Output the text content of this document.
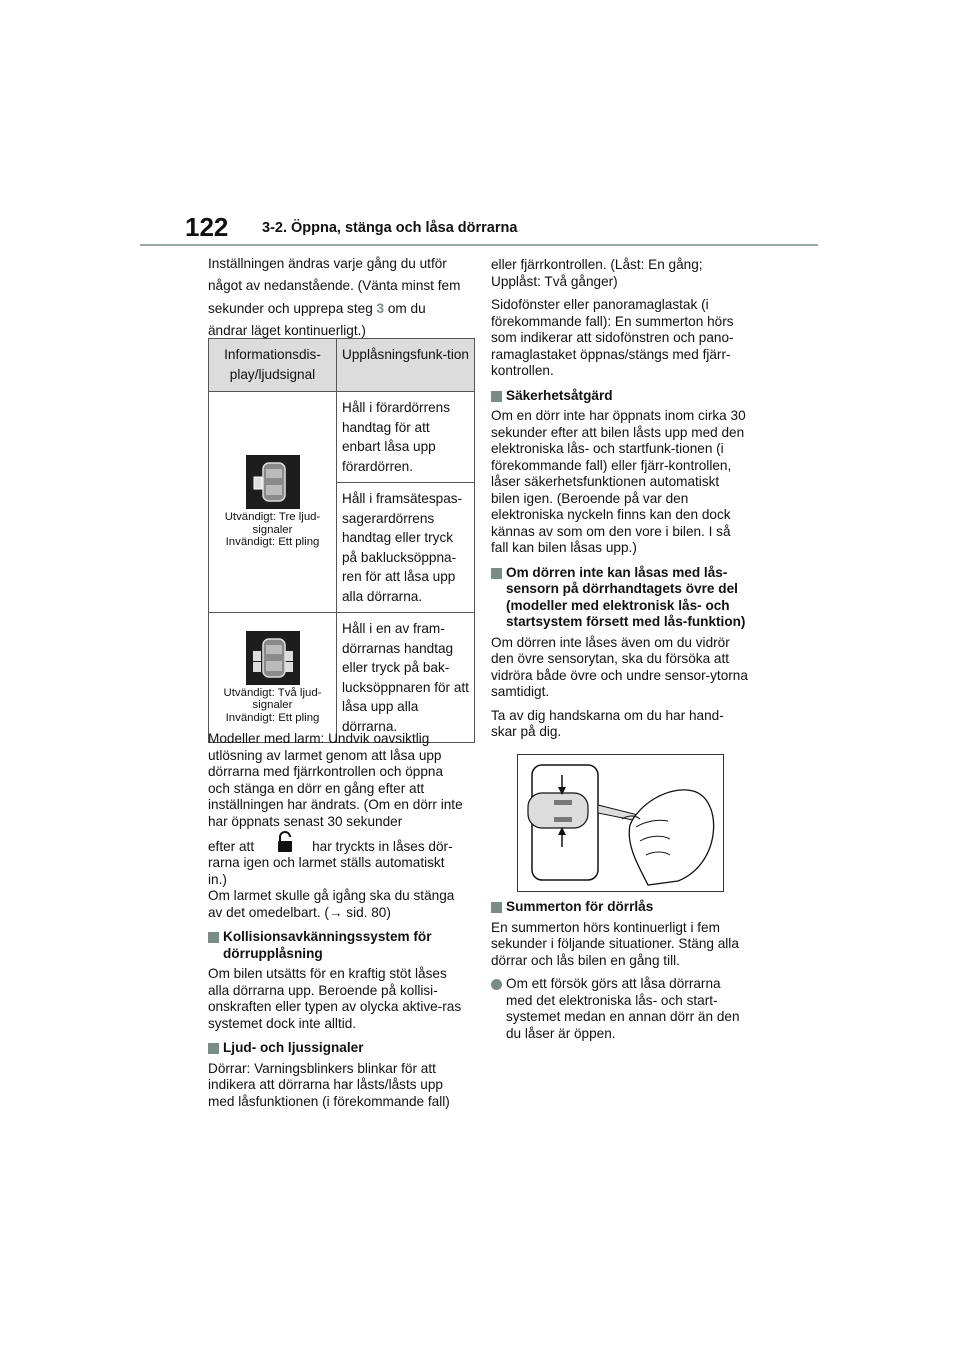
122 3-2. Öppna, stänga och låsa dörrarna

Inställningen ändras varje gång du utför något av nedanstående. (Vänta minst fem sekunder och upprepa steg 3 om du ändrar läget kontinuerligt.)

Informationsdis-play/ljudsignal	Upplåsningsfunk-tion

Utvändigt: Tre ljud-signaler
Invändigt: Ett pling	Håll i förardörrens handtag för att enbart låsa upp förardörren.
	Håll i framsätespas-sagerardörrens handtag eller tryck på baklucksöppna-ren för att låsa upp alla dörrarna.

Utvändigt: Två ljud-signaler
Invändigt: Ett pling	Håll i en av fram-dörrarnas handtag eller tryck på bak-lucksöppnaren för att låsa upp alla dörrarna.

Modeller med larm: Undvik oavsiktlig utlösning av larmet genom att låsa upp dörrarna med fjärrkontrollen och öppna och stänga en dörr en gång efter att inställningen har ändrats. (Om en dörr inte har öppnats senast 30 sekunder

efter att	har tryckts in låses dör-

rarna igen och larmet ställs automatiskt in.)

Om larmet skulle gå igång ska du stänga av det omedelbart. (→ sid. 80)

Kollisionsavkänningssystem för dörrupplåsning

Om bilen utsätts för en kraftig stöt låses alla dörrarna upp. Beroende på kollisi-onskraften eller typen av olycka aktive-ras systemet dock inte alltid.

Ljud- och ljussignaler

Dörrar: Varningsblinkers blinkar för att indikera att dörrarna har låsts/låsts upp med låsfunktionen (i förekommande fall)

eller fjärrkontrollen. (Låst: En gång; Upplåst: Två gånger)

Sidofönster eller panoramaglastak (i förekommande fall): En summerton hörs som indikerar att sidofönstren och pano-ramaglastaket öppnas/stängs med fjärr-kontrollen.

Säkerhetsåtgärd

Om en dörr inte har öppnats inom cirka 30 sekunder efter att bilen låsts upp med den elektroniska lås- och startfunk-tionen (i förekommande fall) eller fjärr-kontrollen, låser säkerhetsfunktionen automatiskt bilen igen. (Beroende på var den elektroniska nyckeln finns kan den dock kännas av som om den vore i bilen. I så fall kan bilen låsas upp.)

Om dörren inte kan låsas med lås-sensorn på dörrhandtagets övre del (modeller med elektronisk lås- och startsystem försett med lås-funktion)

Om dörren inte låses även om du vidrör den övre sensorytan, ska du försöka att vidröra både övre och undre sensor-ytorna samtidigt.

Ta av dig handskarna om du har hand-skar på dig.

Summerton för dörrlås

En summerton hörs kontinuerligt i fem sekunder i följande situationer. Stäng alla dörrar och lås bilen en gång till.

Om ett försök görs att låsa dörrarna med det elektroniska lås- och start-systemet medan en annan dörr än den du låser är öppen.
